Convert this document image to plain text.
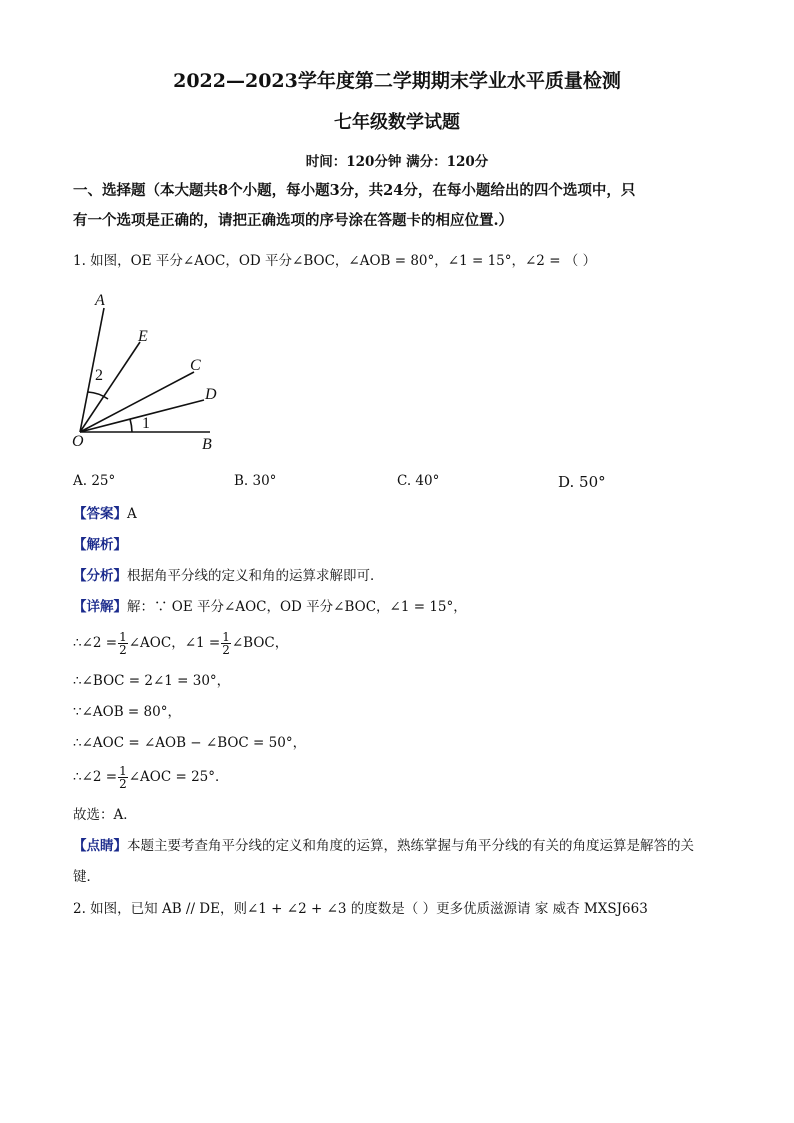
2022—2023学年度第二学期期末学业水平质量检测
七年级数学试题
时间：120分钟 满分：120分
一、选择题（本大题共8个小题，每小题3分，共24分，在每小题给出的四个选项中，只
有一个选项是正确的，请把正确选项的序号涂在答题卡的相应位置.）
1. 如图，OE 平分∠AOC，OD 平分∠BOC，∠AOB = 80°，∠1 = 15°，∠2 = （ ）
A
E
C
D
O	B
2
1
A. 25°	B. 30°	C. 40°	D. 50°
【答案】A
【解析】
【分析】根据角平分线的定义和角的运算求解即可．
【详解】解：∵ OE 平分∠AOC，OD 平分∠BOC，∠1 = 15°，
∴∠2 = $\frac{1}{2}$ ∠AOC，∠1 = $\frac{1}{2}$ ∠BOC，
∴∠BOC = 2∠1 = 30°，
∵∠AOB = 80°，
∴∠AOC = ∠AOB − ∠BOC = 50°，
∴∠2 = $\frac{1}{2}$ ∠AOC = 25°．
故选：A．
【点睛】本题主要考查角平分线的定义和角度的运算，熟练掌握与角平分线的有关的角度运算是解答的关
键．
2. 如图，已知 AB // DE，则∠1 + ∠2 + ∠3 的度数是（ ）更多优质滋源请 家 威杏 MXSJ663
